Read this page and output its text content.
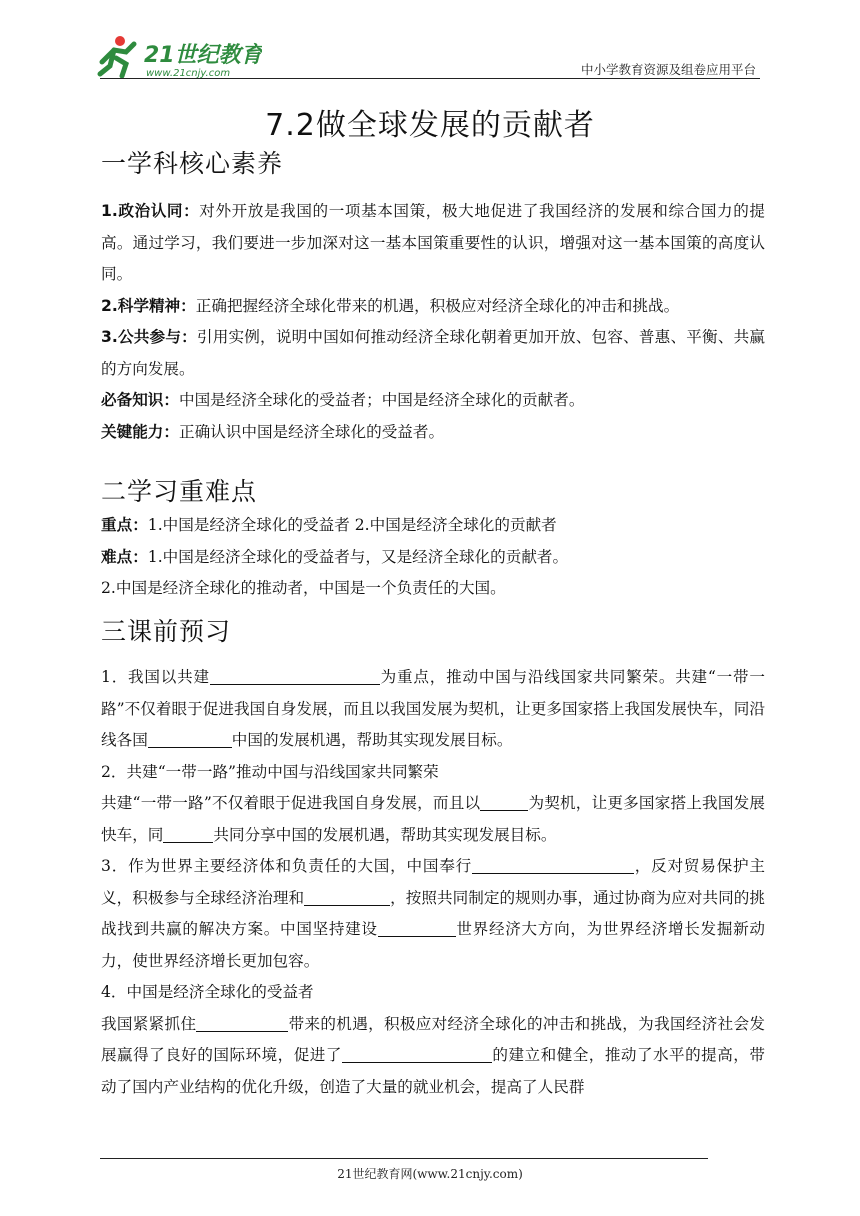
21世纪教育
www.21cnjy.com	中小学教育资源及组卷应用平台
7.2做全球发展的贡献者
一学科核心素养

1.政治认同：对外开放是我国的一项基本国策，极大地促进了我国经济的发展和综合国力的提高。通过学习，我们要进一步加深对这一基本国策重要性的认识，增强对这一基本国策的高度认同。

2.科学精神：正确把握经济全球化带来的机遇，积极应对经济全球化的冲击和挑战。

3.公共参与：引用实例，说明中国如何推动经济全球化朝着更加开放、包容、普惠、平衡、共赢的方向发展。

必备知识：中国是经济全球化的受益者；中国是经济全球化的贡献者。

关键能力：正确认识中国是经济全球化的受益者。

二学习重难点

重点：1.中国是经济全球化的受益者 2.中国是经济全球化的贡献者

难点：1.中国是经济全球化的受益者与，又是经济全球化的贡献者。

2.中国是经济全球化的推动者，中国是一个负责任的大国。

三课前预习

1．我国以共建	为重点，推动中国与沿线国家共同繁荣。共建“一带一路”不仅着眼于促进我国自身发展，而且以我国发展为契机，让更多国家搭上我国发展快车，同沿线各国	中国的发展机遇，帮助其实现发展目标。

2．共建“一带一路”推动中国与沿线国家共同繁荣

共建“一带一路”不仅着眼于促进我国自身发展，而且以	为契机，让更多国家搭上我国发展快车，同	共同分享中国的发展机遇，帮助其实现发展目标。

3．作为世界主要经济体和负责任的大国，中国奉行	，反对贸易保护主义，积极参与全球经济治理和	，按照共同制定的规则办事，通过协商为应对共同的挑战找到共赢的解决方案。中国坚持建设	世界经济大方向，为世界经济增长发掘新动力，使世界经济增长更加包容。

4．中国是经济全球化的受益者

我国紧紧抓住	带来的机遇，积极应对经济全球化的冲击和挑战，为我国经济社会发展赢得了良好的国际环境，促进了	的建立和健全，推动了水平的提高，带动了国内产业结构的优化升级，创造了大量的就业机会，提高了人民群

21世纪教育网(www.21cnjy.com)
